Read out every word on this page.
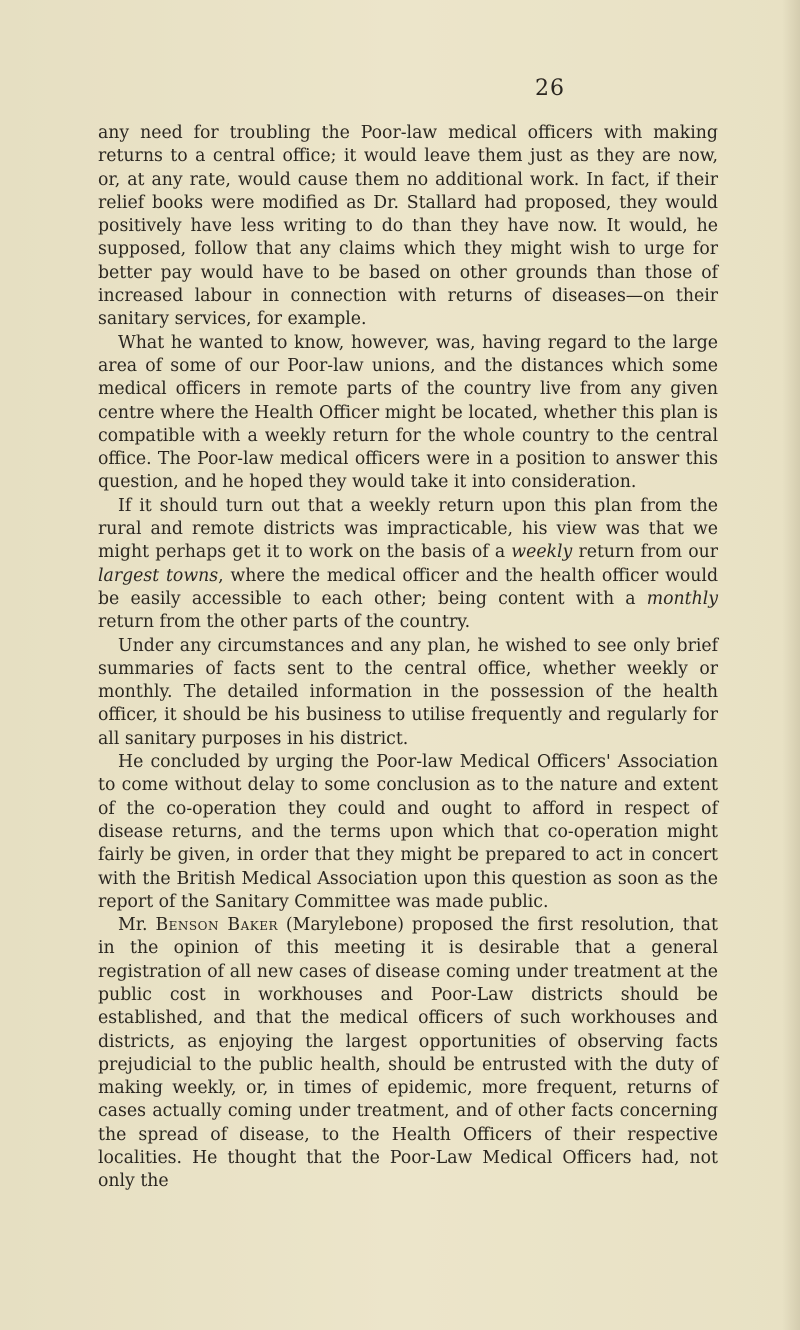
26

any need for troubling the Poor-law medical officers with making returns to a central office; it would leave them just as they are now, or, at any rate, would cause them no additional work. In fact, if their relief books were modified as Dr. Stallard had proposed, they would positively have less writing to do than they have now. It would, he supposed, follow that any claims which they might wish to urge for better pay would have to be based on other grounds than those of increased labour in connection with returns of diseases—on their sanitary services, for example.

What he wanted to know, however, was, having regard to the large area of some of our Poor-law unions, and the distances which some medical officers in remote parts of the country live from any given centre where the Health Officer might be located, whether this plan is compatible with a weekly return for the whole country to the central office. The Poor-law medical officers were in a position to answer this question, and he hoped they would take it into consideration.

If it should turn out that a weekly return upon this plan from the rural and remote districts was impracticable, his view was that we might perhaps get it to work on the basis of a weekly return from our largest towns, where the medical officer and the health officer would be easily accessible to each other; being content with a monthly return from the other parts of the country.

Under any circumstances and any plan, he wished to see only brief summaries of facts sent to the central office, whether weekly or monthly. The detailed information in the possession of the health officer, it should be his business to utilise frequently and regularly for all sanitary purposes in his district.

He concluded by urging the Poor-law Medical Officers' Association to come without delay to some conclusion as to the nature and extent of the co-operation they could and ought to afford in respect of disease returns, and the terms upon which that co-operation might fairly be given, in order that they might be prepared to act in concert with the British Medical Association upon this question as soon as the report of the Sanitary Committee was made public.

Mr. Benson Baker (Marylebone) proposed the first resolution, that in the opinion of this meeting it is desirable that a general registration of all new cases of disease coming under treatment at the public cost in workhouses and Poor-Law districts should be established, and that the medical officers of such workhouses and districts, as enjoying the largest opportunities of observing facts prejudicial to the public health, should be entrusted with the duty of making weekly, or, in times of epidemic, more frequent, returns of cases actually coming under treatment, and of other facts concerning the spread of disease, to the Health Officers of their respective localities. He thought that the Poor-Law Medical Officers had, not only the
